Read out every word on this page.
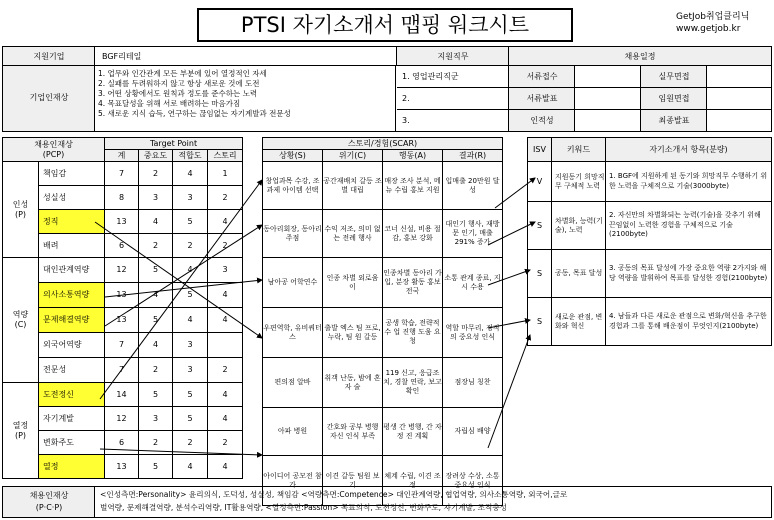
PTSI 자기소개서 맵핑 워크시트	GetJob취업클리닉
www.getjob.kr
지원기업	BGF리테일	지원직무	채용일정
기업인재상
1. 업무와 인간관계 모든 부분에 있어 열정적인 자세
2. 실패를 두려워하지 않고 항상 새로운 것에 도전
3. 어떤 상황에서도 원칙과 정도를 준수하는 노력
4. 목표달성을 위해 서로 배려하는 마음가짐
5. 새로운 지식 습득, 연구하는 끊임없는 자기계발과 전문성
1. 영업관리직군
2.
3.
서류접수	실무면접
서류발표	임원면접
인적성	최종발표
채용인재상
(PCP)		Target Point			
		계	중요도	적합도	스토리
인성
(P)	책임감	7	2	4	1
	성실성	8	3	3	2
	정직	13	4	5	4
	배려	6	2	2	2
역량
(C)	대인관계역량	12	5	4	3
	의사소통역량	13	4	5	4
	문제해결역량	13	5	4	4
	외국어역량	7	4	3	
	전문성	7	2	3	2
열정
(P)	도전정신	14	5	5	4
	자기계발	12	3	5	4
	변화주도	6	2	2	2
	열정	13	5	4	4
스토리/경험(SCAR)			
상황(S)	위기(C)	행동(A)	결과(R)
창업과목 수강, 조 과제 아이템 선택	공간재배치 갈등 조별 대립	매장 조사 분석, 메뉴 수립 홍보 지원	입매출 20만원 달성
동아리회장, 동아리주점	수익 저조, 의미 없는 전례 행사	코너 신설, 비용 절감, 홍보 강화	대인기 행사, 재방문 인기, 매출 291% 증가
남아공 어학연수	인종 차별 외로움 이	인종차별 동아리 가입, 분장 활동 홍보 전국	소통 관계 종료, 지시 수용
우편역학, 유비쿼터스	출발 엑스 팀 프로, 누락, 팀 원 갈등	공생 학습, 전략적 수 업 진행 도움 요청	역할 마무리, 정직의 중요성 인식
편의점 알바	취객 난동, 밤에 혼자 술	119 신고, 응급조치, 경찰 연락, 보고 확인	점장님 칭찬
아파 병원	간호와 공부 병행 자신 인식 부족	평생 간 병행, 간 자 정 진 계획	자립심 배양
아이디어 공모전 참가	이견 갈등 팀원 보기	체계 수립, 이견 조정	장려상 수상, 소통 중요성 인식
ISV	키워드	자기소개서 항목(분량)
V	지원동기 희망직무 구체적 노력	1. BGF에 지원하게 된 동기와 희망직무 수행하기 위한 노력을 구체적으로 기술(3000byte)
S	차별화, 능력(기술), 노력	2. 자신만의 차별화되는 능력(기술)을 갖추기 위해 끈임없이 노력한 경험을 구체적으로 기술(2100byte)
S	공동, 목표 달성	3. 공동의 목표 달성에 가장 중요한 역량 2가지와 해당 역량을 발휘하여 목표를 달성한 경험(2100byte)
S	새로운 관점, 변화와 혁신	4. 남들과 다른 새로운 관점으로 변화/혁신을 추구한 경험과 그를 통해 배운점이 무엇인지(2100byte)
채용인재상
(P·C·P)
<인성측면:Personality> 윤리의식, 도덕성, 성실성, 책임감 <역량측면:Competence> 대인관계역량, 협업역량, 의사소통역량, 외국어,글로
벌역량, 문제해결역량, 분석수리역량, IT활용역량, <열정측면:Passion> 목표의식, 도전정신, 변화주도, 자기계발, 조직충성
